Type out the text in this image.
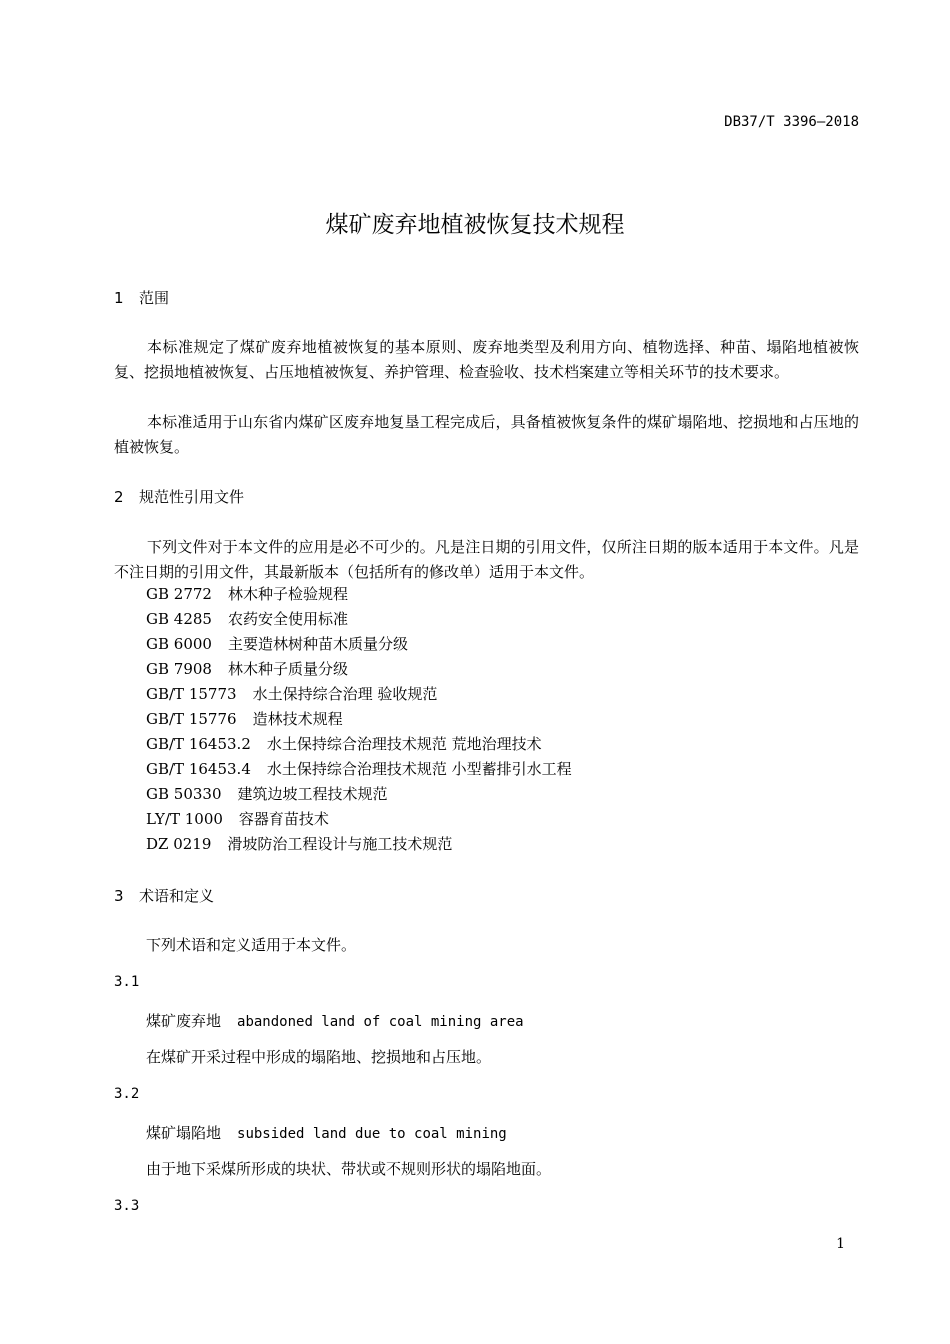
DB37/T 3396—2018
煤矿废弃地植被恢复技术规程
1 范围

本标准规定了煤矿废弃地植被恢复的基本原则、废弃地类型及利用方向、植物选择、种苗、塌陷地植被恢复、挖损地植被恢复、占压地植被恢复、养护管理、检查验收、技术档案建立等相关环节的技术要求。

本标准适用于山东省内煤矿区废弃地复垦工程完成后，具备植被恢复条件的煤矿塌陷地、挖损地和占压地的植被恢复。

2 规范性引用文件

下列文件对于本文件的应用是必不可少的。凡是注日期的引用文件，仅所注日期的版本适用于本文件。凡是不注日期的引用文件，其最新版本（包括所有的修改单）适用于本文件。

GB 2772 林木种子检验规程
GB 4285 农药安全使用标准
GB 6000 主要造林树种苗木质量分级
GB 7908 林木种子质量分级
GB/T 15773 水土保持综合治理 验收规范
GB/T 15776 造林技术规程
GB/T 16453.2 水土保持综合治理技术规范 荒地治理技术
GB/T 16453.4 水土保持综合治理技术规范 小型蓄排引水工程
GB 50330 建筑边坡工程技术规范
LY/T 1000 容器育苗技术
DZ 0219 滑坡防治工程设计与施工技术规范
3 术语和定义
下列术语和定义适用于本文件。
3.1
煤矿废弃地 abandoned land of coal mining area
在煤矿开采过程中形成的塌陷地、挖损地和占压地。
3.2
煤矿塌陷地 subsided land due to coal mining
由于地下采煤所形成的块状、带状或不规则形状的塌陷地面。
3.3
1
